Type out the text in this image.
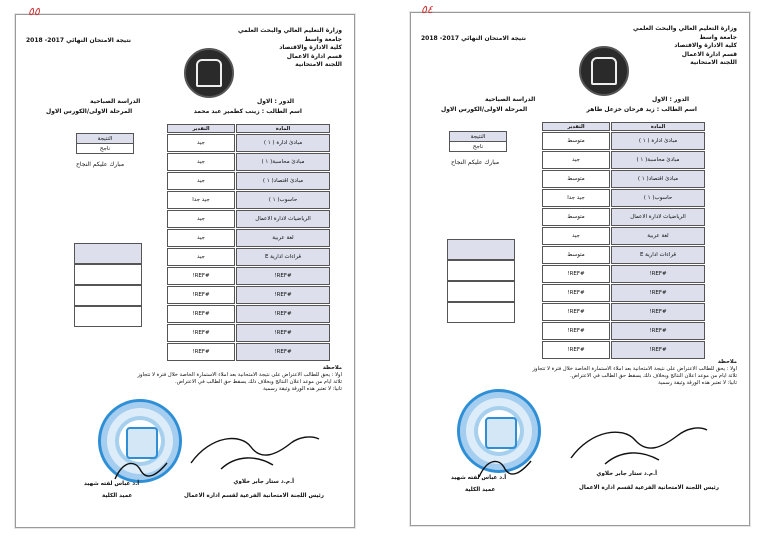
٥٥
وزارة التعليم العالي والبحث العلمي
جامعة واسط
كلية الادارة والاقتصاد
قسم ادارة الاعمال
اللجنة الامتحانية
نتيجة الامتحان النهائي 2017- 2018
الدور : الاول
الدراسة الصباحية
اسم الطالب : زينب كطمير عبد محمد
المرحلة الاولى/الكورس الاول
التقدير	المادة
جيد	مبادئ ادارة ( ١ )
جيد	مبادئ محاسبة( ١ )
جيد	مبادئ اقتصاد( ١ )
جيد جدا	حاسوب( ١ )
جيد	الرياضيات لادارة الاعمال
جيد	لغة عربية
جيد	قراءات ادارية E
#REF!	#REF!
#REF!	#REF!
#REF!	#REF!
#REF!	#REF!
#REF!	#REF!
النتيجة
ناجح
مبارك عليكم النجاح

ملاحظة
اولا : يحق للطالب الاعتراض على نتيجة الامتحانية بعد املاء الاستمارة الخاصة خلال فترة لا تتجاوز
ثلاثة ايام من موعد اعلان النتائج وبخلاف ذلك يسقط حق الطالب في الاعتراض.
ثانيا: لا تعتبر هذه الورقة وثيقة رسمية
أ.م.د ستار جابر خلاوي
رئيس اللجنة الامتحانية الفرعية لقسم ادارة الاعمال
أ.د عباس لفته شهيد
عميد الكلية
٥٤
وزارة التعليم العالي والبحث العلمي
جامعة واسط
كلية الادارة والاقتصاد
قسم ادارة الاعمال
اللجنة الامتحانية
نتيجة الامتحان النهائي 2017- 2018
الدور : الاول
الدراسة الصباحية
اسم الطالب : زيد فرحان خزعل طاهر
المرحلة الاولى/الكورس الاول
التقدير	المادة
متوسط	مبادئ ادارة ( ١ )
جيد	مبادئ محاسبة( ١ )
متوسط	مبادئ اقتصاد( ١ )
جيد جدا	حاسوب( ١ )
متوسط	الرياضيات لادارة الاعمال
جيد	لغة عربية
متوسط	قراءات ادارية E
#REF!	#REF!
#REF!	#REF!
#REF!	#REF!
#REF!	#REF!
#REF!	#REF!
النتيجة
ناجح
مبارك عليكم النجاح

ملاحظة
اولا : يحق للطالب الاعتراض على نتيجة الامتحانية بعد املاء الاستمارة الخاصة خلال فترة لا تتجاوز
ثلاثة ايام من موعد اعلان النتائج وبخلاف ذلك يسقط حق الطالب في الاعتراض.
ثانيا: لا تعتبر هذه الورقة وثيقة رسمية
أ.م.د ستار جابر خلاوي
رئيس اللجنة الامتحانية الفرعية لقسم ادارة الاعمال
أ.د عباس لفته شهيد
عميد الكلية
